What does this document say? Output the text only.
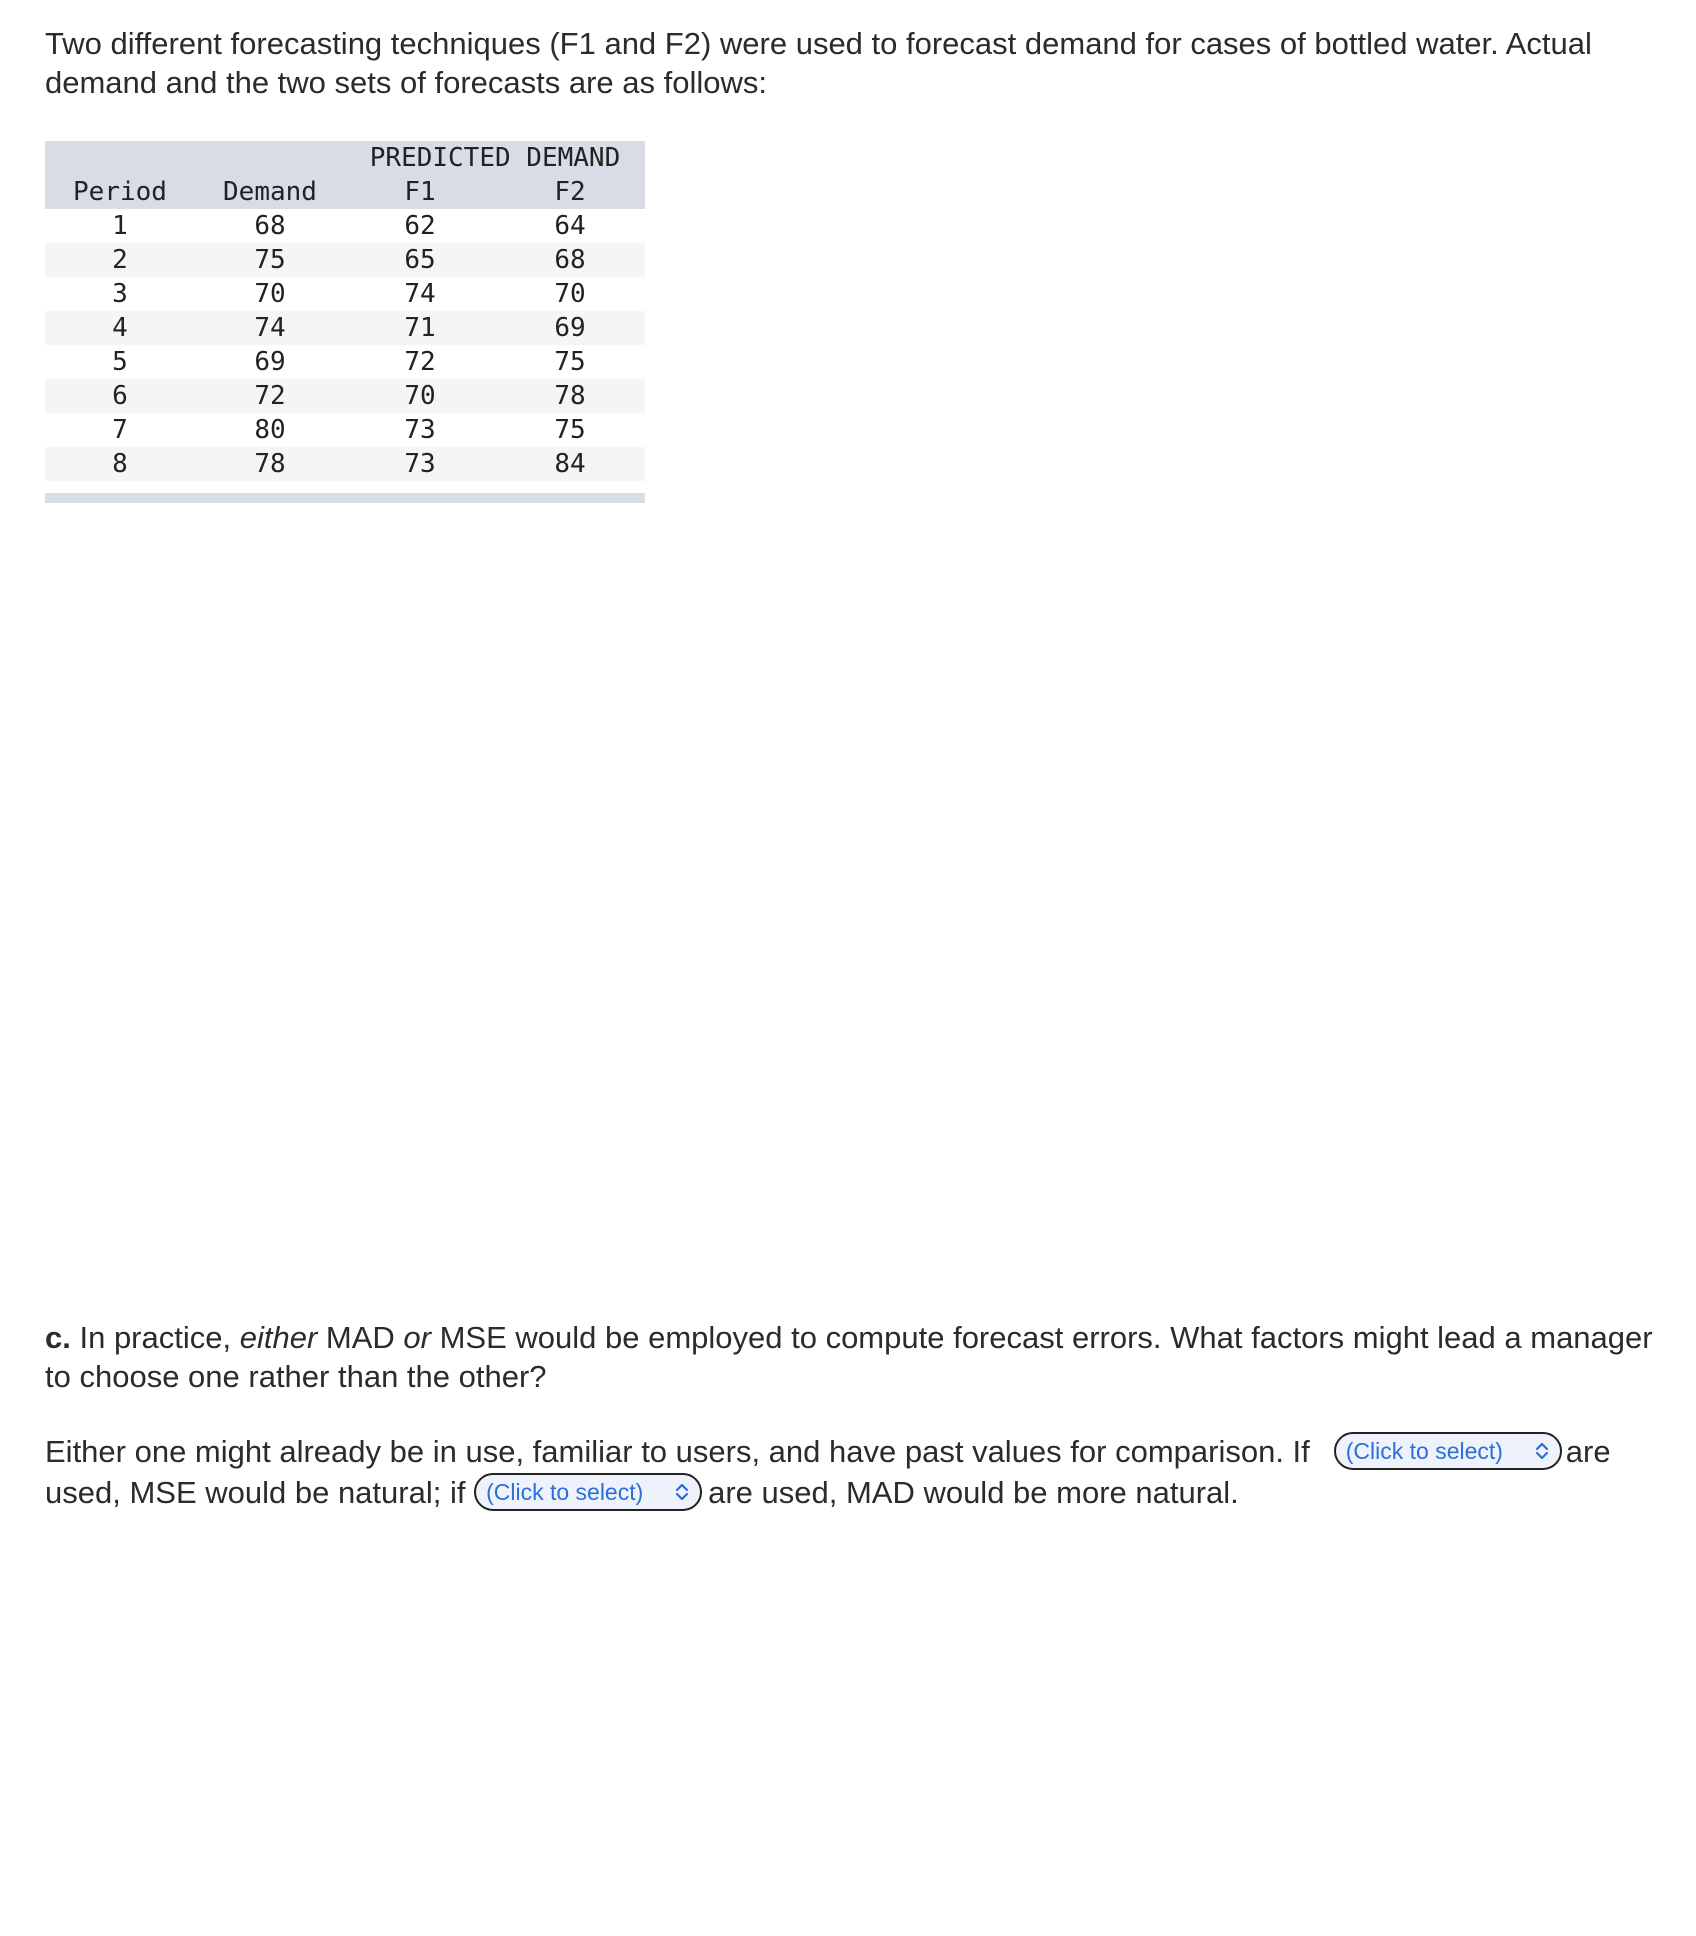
Two different forecasting techniques (F1 and F2) were used to forecast demand for cases of bottled water. Actual demand and the two sets of forecasts are as follows:

		PREDICTED DEMAND	
Period	Demand	F1	F2
1	68	62	64
2	75	65	68
3	70	74	70
4	74	71	69
5	69	72	75
6	72	70	78
7	80	73	75
8	78	73	84

c. In practice, either MAD or MSE would be employed to compute forecast errors. What factors might lead a manager to choose one rather than the other?

Either one might already be in use, familiar to users, and have past values for comparison. If (Click to select) are used, MSE would be natural; if (Click to select) are used, MAD would be more natural.
